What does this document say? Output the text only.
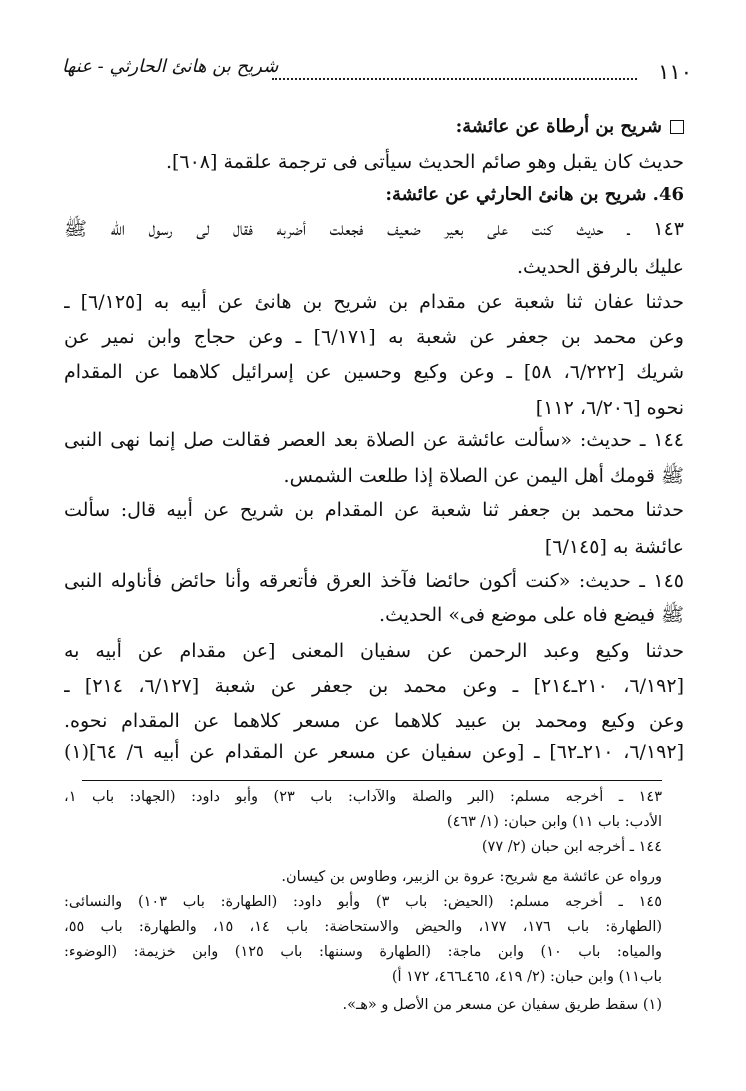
١١٠
شريح بن هانئ الحارثي - عنها
شريح بن أرطاة عن عائشة:
حديث كان يقبل وهو صائم الحديث سيأتى فى ترجمة علقمة [٦٠٨].
46. شريح بن هانئ الحارثي عن عائشة:
١٤٣ ـ حديث كنت على بعير ضعيف فجعلت أضربه فقال لى رسول الله ﷺ
عليك بالرفق الحديث.
حدثنا عفان ثنا شعبة عن مقدام بن شريح بن هانئ عن أبيه به [٦/١٢٥] ـ
وعن محمد بن جعفر عن شعبة به [٦/١٧١] ـ وعن حجاج وابن نمير عن
شريك [٦/٢٢٢، ٥٨] ـ وعن وكيع وحسين عن إسرائيل كلاهما عن المقدام
نحوه [٦/٢٠٦، ١١٢]
١٤٤ ـ حديث: «سألت عائشة عن الصلاة بعد العصر فقالت صل إنما نهى النبى
ﷺ قومك أهل اليمن عن الصلاة إذا طلعت الشمس.
حدثنا محمد بن جعفر ثنا شعبة عن المقدام بن شريح عن أبيه قال: سألت
عائشة به [٦/١٤٥]
١٤٥ ـ حديث: «كنت أكون حائضا فآخذ العرق فأتعرقه وأنا حائض فأناوله النبى
ﷺ فيضع فاه على موضع فى» الحديث.
حدثنا وكيع وعبد الرحمن عن سفيان المعنى [عن مقدام عن أبيه به
[٦/١٩٢، ٢١٠ـ٢١٤] ـ وعن محمد بن جعفر عن شعبة [٦/١٢٧، ٢١٤] ـ
وعن وكيع ومحمد بن عبيد كلاهما عن مسعر كلاهما عن المقدام نحوه.
[٦/١٩٢، ٢١٠ـ٦٢] ـ [وعن سفيان عن مسعر عن المقدام عن أبيه ٦/ ٦٤](١)
١٤٣ ـ أخرجه مسلم: (البر والصلة والآداب: باب ٢٣) وأبو داود: (الجهاد: باب ١،
الأدب: باب ١١) وابن حبان: (١/ ٤٦٣)
١٤٤ ـ أخرجه ابن حبان (٢/ ٧٧)
ورواه عن عائشة مع شريح: عروة بن الزبير، وطاوس بن كيسان.
١٤٥ ـ أخرجه مسلم: (الحيض: باب ٣) وأبو داود: (الطهارة: باب ١٠٣) والنسائى:
(الطهارة: باب ١٧٦، ١٧٧، والحيض والاستحاضة: باب ١٤، ١٥، والطهارة: باب ٥٥،
والمياه: باب ١٠) وابن ماجة: (الطهارة وسننها: باب ١٢٥) وابن خزيمة: (الوضوء:
باب١١) وابن حبان: (٢/ ٤١٩، ٤٦٥ـ٤٦٦، ١٧٢ أ)
(١) سقط طريق سفيان عن مسعر من الأصل و «هـ».
